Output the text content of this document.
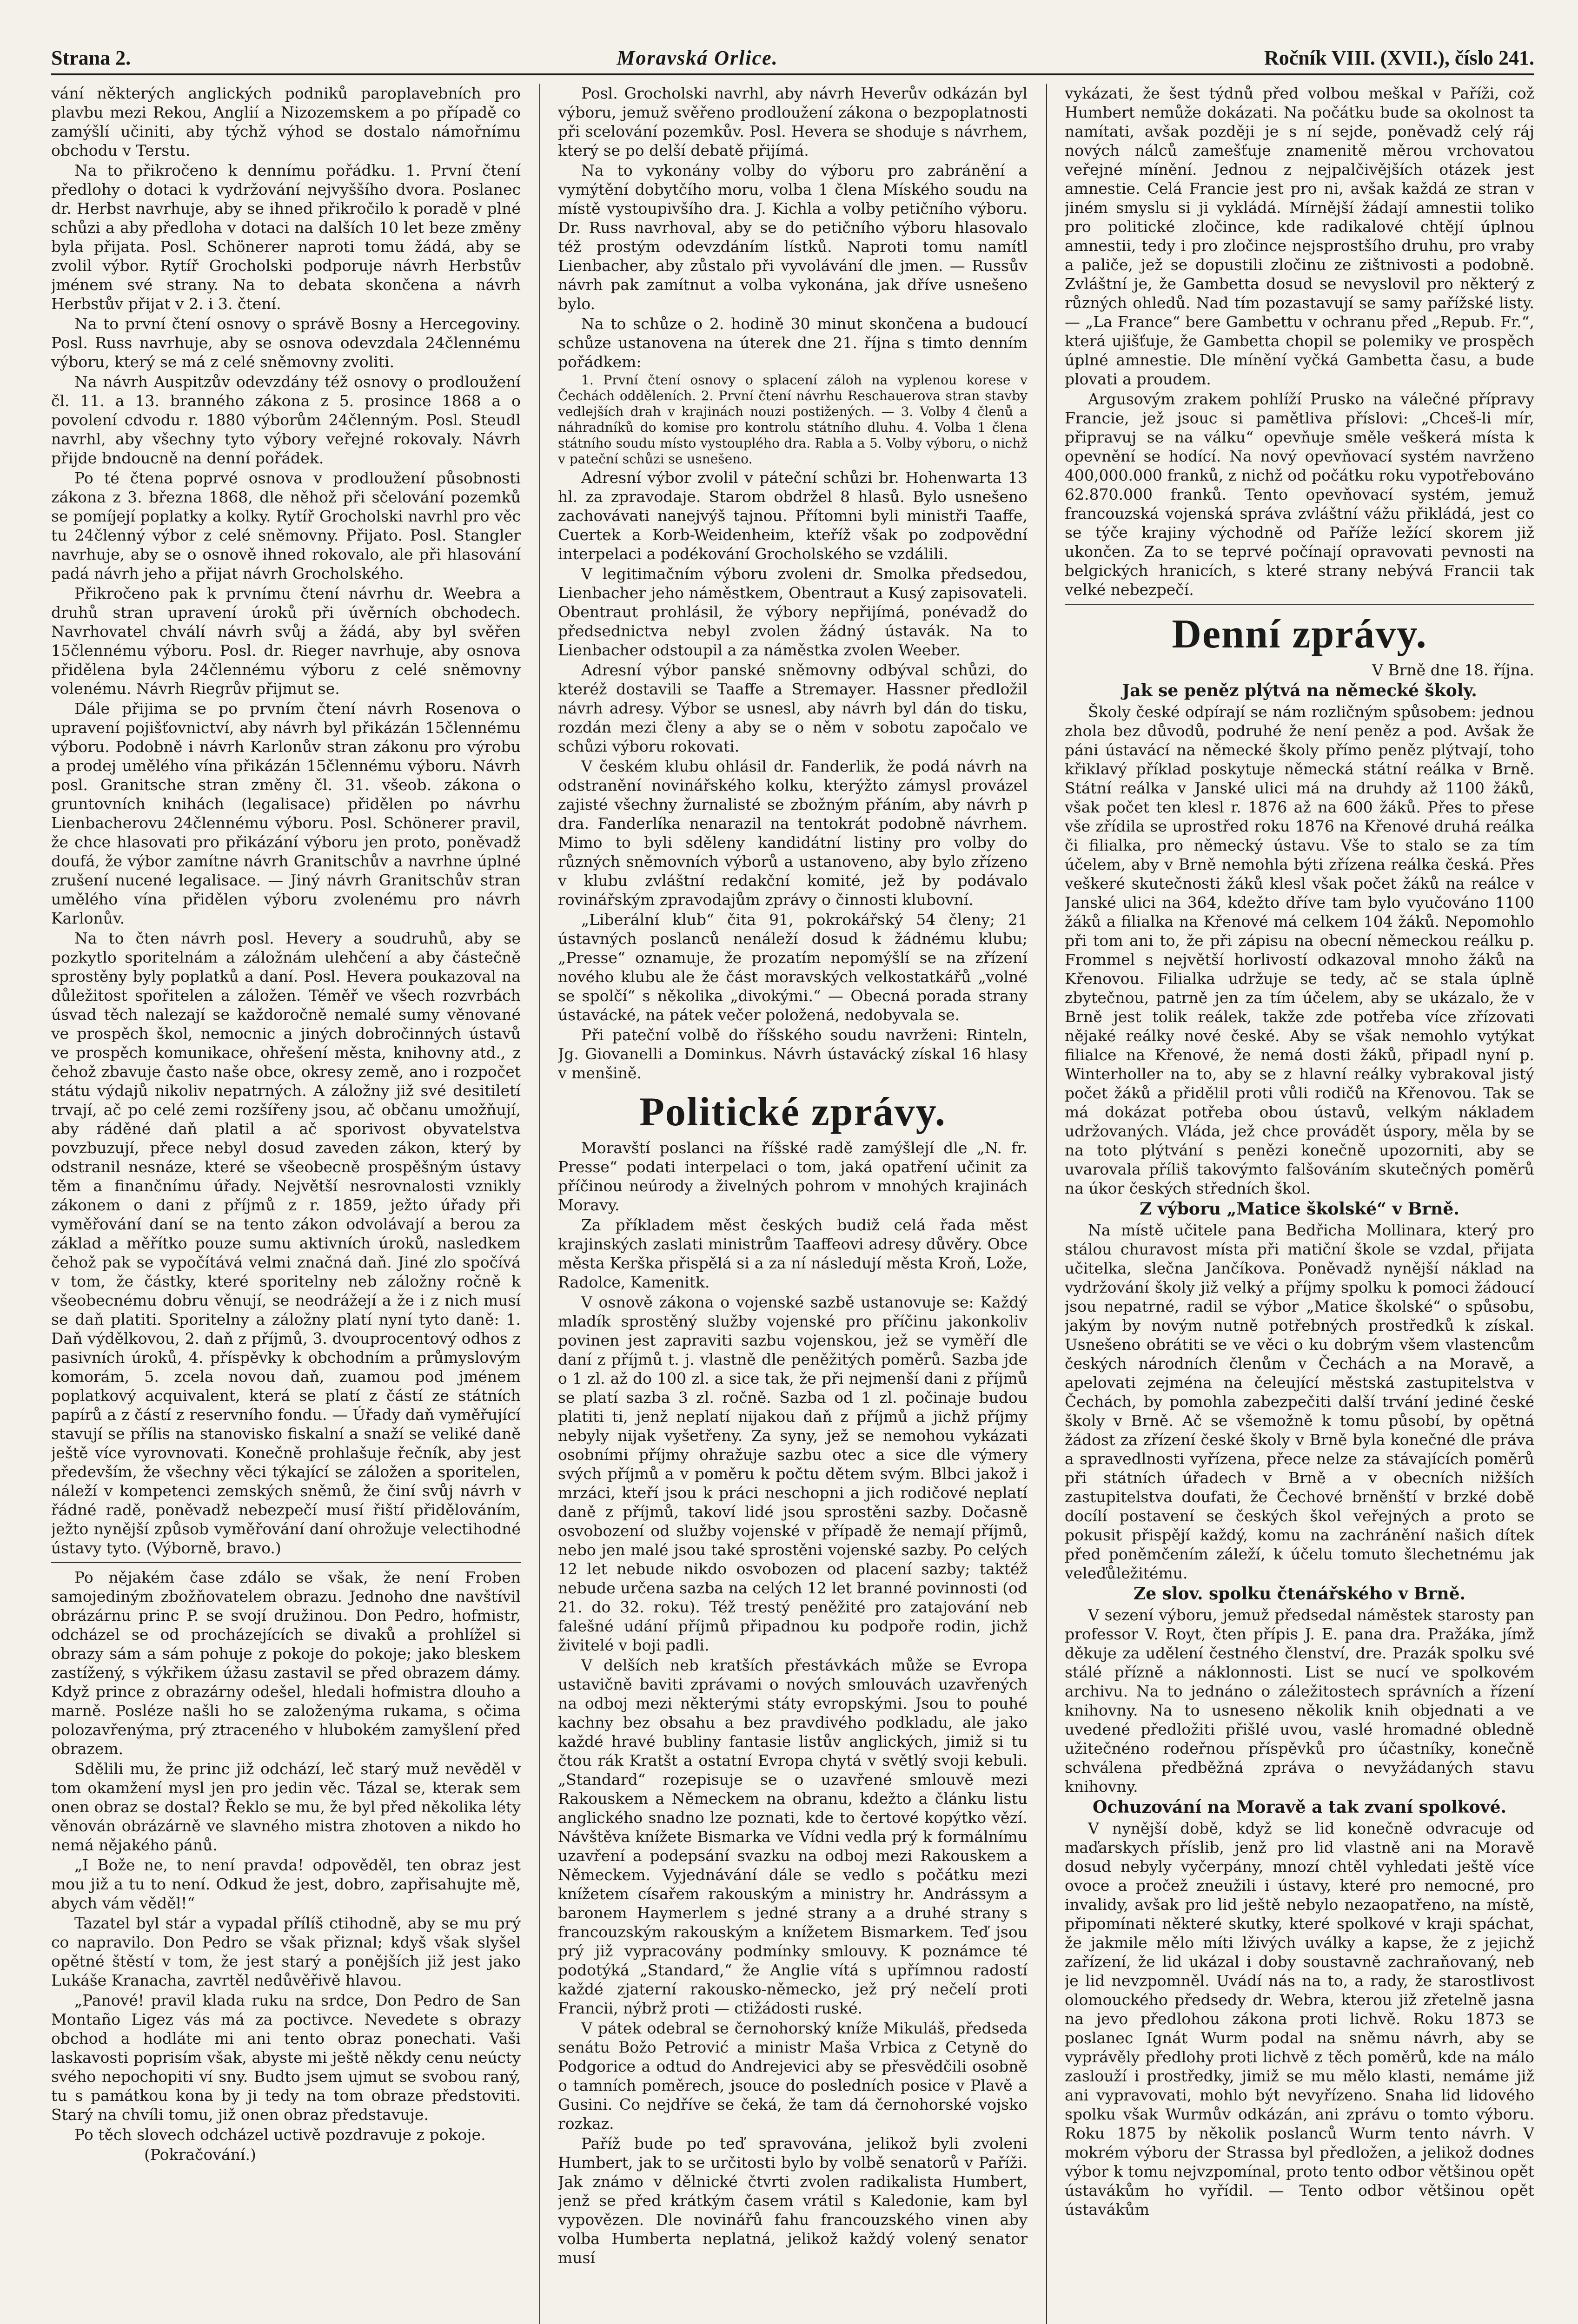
Strana 2.	Moravská Orlice.	Ročník VIII. (XVII.), číslo 241.

vání některých anglických podniků paroplavebních pro plavbu mezi Rekou, Anglií a Nizozemskem a po případě co zamýšlí učiniti, aby týchž výhod se dostalo námořnímu obchodu v Terstu.

Na to přikročeno k dennímu pořádku. 1. První čtení předlohy o dotaci k vydržování nejvyššího dvora. Poslanec dr. Herbst navrhuje, aby se ihned přikročilo k poradě v plné schůzi a aby předloha v dotaci na dalších 10 let beze změny byla přijata. Posl. Schönerer naproti tomu žádá, aby se zvolil výbor. Rytíř Grocholski podporuje návrh Herbstův jménem své strany. Na to debata skončena a návrh Herbstův přijat v 2. i 3. čtení.

Na to první čtení osnovy o správě Bosny a Hercegoviny. Posl. Russ navrhuje, aby se osnova odevzdala 24člennému výboru, který se má z celé sněmovny zvoliti.

Na návrh Auspitzův odevzdány též osnovy o prodloužení čl. 11. a 13. branného zákona z 5. prosince 1868 a o povolení cdvodu r. 1880 výborům 24členným. Posl. Steudl navrhl, aby všechny tyto výbory veřejné rokovaly. Návrh přijde bndoucně na denní pořádek.

Po té čtena poprvé osnova v prodloužení působnosti zákona z 3. března 1868, dle něhož při sčelování pozemků se pomíjejí poplatky a kolky. Rytíř Grocholski navrhl pro věc tu 24členný výbor z celé sněmovny. Přijato. Posl. Stangler navrhuje, aby se o osnově ihned rokovalo, ale při hlasování padá návrh jeho a přijat návrh Grocholského.

Přikročeno pak k prvnímu čtení návrhu dr. Weebra a druhů stran upravení úroků při úvěrních obchodech. Navrhovatel chválí návrh svůj a žádá, aby byl svěřen 15člennému výboru. Posl. dr. Rieger navrhuje, aby osnova přidělena byla 24člennému výboru z celé sněmovny volenému. Návrh Riegrův přijmut se.

Dále přijima se po prvním čtení návrh Rosenova o upravení pojišťovnictví, aby návrh byl přikázán 15člennému výboru. Podobně i návrh Karlonův stran zákonu pro výrobu a prodej umělého vína přikázán 15člennému výboru. Návrh posl. Granitsche stran změny čl. 31. všeob. zákona o gruntovních knihách (legalisace) přidělen po návrhu Lienbacherovu 24člennému výboru. Posl. Schönerer pravil, že chce hlasovati pro přikázání výboru jen proto, poněvadž doufá, že výbor zamítne návrh Granitschův a navrhne úplné zrušení nucené legalisace. — Jiný návrh Granitschův stran umělého vína přidělen výboru zvolenému pro návrh Karlonův.

Na to čten návrh posl. Hevery a soudruhů, aby se pozkytlo sporitelnám a záložnám ulehčení a aby částečně sprostěny byly poplatků a daní. Posl. Hevera poukazoval na důležitost spořitelen a záložen. Téměř ve všech rozvrbách úsvad těch nalezají se každoročně nemalé sumy věnované ve prospěch škol, nemocnic a jiných dobročinných ústavů ve prospěch komunikace, ohřešení města, knihovny atd., z čehož zbavuje často naše obce, okresy země, ano i rozpočet státu výdajů nikoliv nepatrných. A záložny již své desitiletí trvají, ač po celé zemi rozšířeny jsou, ač občanu umožňují, aby ráděné daň platil a ač sporivost obyvatelstva povzbuzují, přece nebyl dosud zaveden zákon, který by odstranil nesnáze, které se všeobecně prospěšným ústavy těm a finančnímu úřady. Největší nesrovnalosti vznikly zákonem o dani z příjmů z r. 1859, ježto úřady při vyměřování daní se na tento zákon odvolávají a berou za základ a měřítko pouze sumu aktivních úroků, nasledkem čehož pak se vypočítává velmi značná daň. Jiné zlo spočívá v tom, že částky, které sporitelny neb záložny ročně k všeobecnému dobru věnují, se neodrážejí a že i z nich musí se daň platiti. Sporitelny a záložny platí nyní tyto daně: 1. Daň výdělkovou, 2. daň z příjmů, 3. dvouprocentový odhos z pasivních úroků, 4. příspěvky k obchodním a průmyslovým komorám, 5. zcela novou daň, zuamou pod jménem poplatkový acquivalent, která se platí z částí ze státních papírů a z částí z reservního fondu. — Úřady daň vyměřující stavují se přílis na stanovisko fiskalní a snaží se veliké daně ještě více vyrovnovati. Konečně prohlašuje řečník, aby jest především, že všechny věci týkající se záložen a sporitelen, náleží v kompetenci zemských sněmů, že činí svůj návrh v řádné radě, poněvadž nebezpečí musí řiští přidělováním, ježto nynější způsob vyměřování daní ohrožuje velectihodné ústavy tyto. (Výborně, bravo.)

Po nějakém čase zdálo se však, že není Froben samojediným zbožňovatelem obrazu. Jednoho dne navštívil obrázárnu princ P. se svojí družinou. Don Pedro, hofmistr, odcházel se od procházejících se divaků a prohlížel si obrazy sám a sám pohuje z pokoje do pokoje; jako bleskem zastížený, s výkřikem úžasu zastavil se před obrazem dámy. Když prince z obrazárny odešel, hledali hofmistra dlouho a marně. Posléze našli ho se založenýma rukama, s očima polozavřenýma, prý ztraceného v hlubokém zamyšlení před obrazem.

Sdělili mu, že princ již odchází, leč starý muž nevěděl v tom okamžení mysl jen pro jedin věc. Tázal se, kterak sem onen obraz se dostal? Řeklo se mu, že byl před několika léty věnován obrázárně ve slavného mistra zhotoven a nikdo ho nemá nějakého pánů.

„I Bože ne, to není pravda! odpověděl, ten obraz jest mou již a tu to není. Odkud že jest, dobro, zapřisahujte mě, abych vám věděl!“

Tazatel byl stár a vypadal přílíš ctihodně, aby se mu prý co napravilo. Don Pedro se však přiznal; kdyš však slyšel opětné štěstí v tom, že jest starý a ponějších již jest jako Lukáše Kranacha, zavrtěl nedůvěřivě hlavou.

„Panové! pravil klada ruku na srdce, Don Pedro de San Montaño Ligez vás má za poctivce. Nevedete s obrazy obchod a hodláte mi ani tento obraz ponechati. Vaši laskavosti poprisím však, abyste mi ještě někdy cenu neúcty svého nepochopiti ví sny. Budto jsem ujmut se svobou raný, tu s památkou kona by ji tedy na tom obraze předstoviti. Starý na chvíli tomu, již onen obraz představuje.

Po těch slovech odcházel uctivě pozdravuje z pokoje.

(Pokračování.)

Posl. Grocholski navrhl, aby návrh Heverův odkázán byl výboru, jemuž svěřeno prodloužení zákona o bezpoplatnosti při scelování pozemkův. Posl. Hevera se shoduje s návrhem, který se po delší debatě přijímá.

Na to vykonány volby do výboru pro zabránění a vymýtění dobytčího moru, volba 1 člena Míského soudu na místě vystoupivšího dra. J. Kichla a volby petičního výboru. Dr. Russ navrhoval, aby se do petičního výboru hlasovalo též prostým odevzdáním lístků. Naproti tomu namítl Lienbacher, aby zůstalo při vyvolávání dle jmen. — Russův návrh pak zamítnut a volba vykonána, jak dříve usnešeno bylo.

Na to schůze o 2. hodině 30 minut skončena a budoucí schůze ustanovena na úterek dne 21. října s timto denním pořádkem:

1. První čtení osnovy o splacení záloh na vyplenou korese v Čechách odděleních. 2. První čtení návrhu Reschauerova stran stavby vedlejších drah v krajinách nouzi postižených. — 3. Volby 4 členů a náhradníků do komise pro kontrolu státního dluhu. 4. Volba 1 člena státního soudu místo vystouplého dra. Rabla a 5. Volby výboru, o nichž v pateční schůzi se usnešeno.

Adresní výbor zvolil v páteční schůzi br. Hohenwarta 13 hl. za zpravodaje. Starom obdržel 8 hlasů. Bylo usnešeno zachovávati nanejvýš tajnou. Přítomni byli ministři Taaffe, Cuertek a Korb-Weidenheim, kteříž však po zodpovědní interpelaci a podékování Grocholského se vzdálili.

V legitimačním výboru zvoleni dr. Smolka předsedou, Lienbacher jeho náměstkem, Obentraut a Kusý zapisovateli. Obentraut prohlásil, že výbory nepřijímá, ponévadž do předsednictva nebyl zvolen žádný ústavák. Na to Lienbacher odstoupil a za náměstka zvolen Weeber.

Adresní výbor panské sněmovny odbýval schůzi, do kteréž dostavili se Taaffe a Stremayer. Hassner předložil návrh adresy. Výbor se usnesl, aby návrh byl dán do tisku, rozdán mezi členy a aby se o něm v sobotu započalo ve schůzi výboru rokovati.

V českém klubu ohlásil dr. Fanderlik, že podá návrh na odstranění novinářského kolku, kterýžto zámysl provázel zajisté všechny žurnalisté se zbožným přáním, aby návrh p dra. Fanderlíka nenarazil na tentokrát podobně návrhem. Mimo to byli sděleny kandidátní listiny pro volby do různých sněmovních výborů a ustanoveno, aby bylo zřízeno v klubu zvláštní redakční komité, jež by podávalo rovinářským zpravodajům zprávy o činnosti klubovní.

„Liberální klub“ čita 91, pokrokářský 54 členy; 21 ústavných poslanců nenáleží dosud k žádnému klubu; „Presse“ oznamuje, že prozatím nepomýšlí se na zřízení nového klubu ale že část moravských velkostatkářů „volné se spolčí“ s několika „divokými.“ — Obecná porada strany ústavácké, na pátek večer položená, nedobyvala se.

Při pateční volbě do říšského soudu navrženi: Rinteln, Jg. Giovanelli a Dominkus. Návrh ústavácký získal 16 hlasy v menšině.

Politické zprávy.

Moravští poslanci na říšské radě zamýšlejí dle „N. fr. Presse“ podati interpelaci o tom, jaká opatření učinit za příčinou neúrody a živelných pohrom v mnohých krajinách Moravy.

Za příkladem měst českých budiž celá řada měst krajinských zaslati ministrům Taaffeovi adresy důvěry. Obce města Kerška přispělá si a za ní následují města Kroň, Lože, Radolce, Kamenitk.

V osnově zákona o vojenské sazbě ustanovuje se: Každý mladík sprostěný služby vojenské pro příčinu jakonkoliv povinen jest zapraviti sazbu vojenskou, jež se vyměří dle daní z příjmů t. j. vlastně dle peněžitých poměrů. Sazba jde o 1 zl. až do 100 zl. a sice tak, že při nejmenší dani z příjmů se platí sazba 3 zl. ročně. Sazba od 1 zl. počinaje budou platiti ti, jenž neplatí nijakou daň z příjmů a jichž příjmy nebyly nijak vyšetřeny. Za syny, jež se nemohou vykázati osobními příjmy ohražuje sazbu otec a sice dle výmery svých příjmů a v poměru k počtu dětem svým. Blbci jakož i mrzáci, kteří jsou k práci neschopni a jich rodičové neplatí daně z příjmů, takoví lidé jsou sprostěni sazby. Dočasně osvobození od služby vojenské v případě že nemají příjmů, nebo jen malé jsou také sprostěni vojenské sazby. Po celých 12 let nebude nikdo osvobozen od placení sazby; taktéž nebude určena sazba na celých 12 let branné povinnosti (od 21. do 32. roku). Též trestý peněžité pro zatajování neb falešné udání příjmů připadnou ku podpoře rodin, jichž živitelé v boji padli.

V delších neb kratších přestávkách může se Evropa ustavičně baviti zprávami o nových smlouvách uzavřených na odboj mezi některými státy evropskými. Jsou to pouhé kachny bez obsahu a bez pravdivého podkladu, ale jako každé hravé bubliny fantasie listův anglických, jimiž si tu čtou rák Kratšt a ostatní Evropa chytá v světlý svoji kebuli. „Standard“ rozepisuje se o uzavřené smlouvě mezi Rakouskem a Německem na obranu, kdežto a článku listu anglického snadno lze poznati, kde to čertové kopýtko vězí. Návštěva knížete Bismarka ve Vídni vedla prý k formálnímu uzavření a podepsání svazku na odboj mezi Rakouskem a Německem. Vyjednávání dále se vedlo s počátku mezi knížetem císařem rakouským a ministry hr. Andrássym a baronem Haymerlem s jedné strany a a druhé strany s francouzským rakouským a knížetem Bismarkem. Teď jsou prý již vypracovány podmínky smlouvy. K poznámce té podotýká „Standard,“ že Anglie vítá s upřímnou radostí každé zjaterní rakousko-německo, jež prý nečelí proti Francii, nýbrž proti — ctižádosti ruské.

V pátek odebral se černohorský kníže Mikuláš, předseda senátu Božo Petrović a ministr Maša Vrbica z Cetyně do Podgorice a odtud do Andrejevici aby se přesvědčili osobně o tamních poměrech, jsouce do posledních posice v Plavě a Gusini. Co nejdříve se čeká, že tam dá černohorské vojsko rozkaz.

Paříž bude po teď spravována, jelikož byli zvoleni Humbert, jak to se určitosti bylo by volbě senatorů v Paříži. Jak známo v dělnické čtvrti zvolen radikalista Humbert, jenž se před krátkým časem vrátil s Kaledonie, kam byl vypovězen. Dle novinářů fahu francouzského vinen aby volba Humberta neplatná, jelikož každý volený senator musí

vykázati, že šest týdnů před volbou meškal v Paříži, což Humbert nemůže dokázati. Na počátku bude sa okolnost ta namítati, avšak později je s ní sejde, poněvadž celý ráj nových nálců zamešťuje znamenitě měrou vrchovatou veřejné mínění. Jednou z nejpalčivějších otázek jest amnestie. Celá Francie jest pro ni, avšak každá ze stran v jiném smyslu si ji vykládá. Mírnější žádají amnestii toliko pro politické zločince, kde radikalové chtějí úplnou amnestii, tedy i pro zločince nejsprostšího druhu, pro vraby a paliče, jež se dopustili zločinu ze zištnivosti a podobně. Zvláštní je, že Gambetta dosud se nevyslovil pro některý z různých ohledů. Nad tím pozastavují se samy pařížské listy. — „La France“ bere Gambettu v ochranu před „Repub. Fr.“, která ujišťuje, že Gambetta chopil se polemiky ve prospěch úplné amnestie. Dle mínění vyčká Gambetta času, a bude plovati a proudem.

Argusovým zrakem pohlíží Prusko na válečné přípravy Francie, jež jsouc si pamětliva příslovi: „Chceš-li mír, připravuj se na válku“ opevňuje směle veškerá místa k opevnění se hodící. Na nový opevňovací systém navrženo 400,000.000 franků, z nichž od počátku roku vypotřebováno 62.870.000 franků. Tento opevňovací systém, jemuž francouzská vojenská správa zvláštní vážu přikládá, jest co se týče krajiny východně od Paříže ležící skorem již ukončen. Za to se teprvé počínají opravovati pevnosti na belgických hranicích, s které strany nebývá Francii tak velké nebezpečí.

Denní zprávy.

V Brně dne 18. října.

Jak se peněz plýtvá na německé školy.

Školy české odpírají se nám rozličným spůsobem: jednou zhola bez důvodů, podruhé že není peněz a pod. Avšak že páni ústavácí na německé školy přímo peněz plýtvají, toho křiklavý příklad poskytuje německá státní reálka v Brně. Státní reálka v Janské ulici má na druhdy až 1100 žáků, však počet ten klesl r. 1876 až na 600 žáků. Přes to přese vše zřídila se uprostřed roku 1876 na Křenové druhá reálka či filialka, pro německý ústavu. Vše to stalo se za tím účelem, aby v Brně nemohla býti zřízena reálka česká. Přes veškeré skutečnosti žáků klesl však počet žáků na reálce v Janské ulici na 364, kdežto dříve tam bylo vyučováno 1100 žáků a filialka na Křenové má celkem 104 žáků. Nepomohlo při tom ani to, že při zápisu na obecní německou reálku p. Frommel s největší horlivostí odkazoval mnoho žáků na Křenovou. Filialka udržuje se tedy, ač se stala úplně zbytečnou, patrně jen za tím účelem, aby se ukázalo, že v Brně jest tolik reálek, takže zde potřeba více zřízovati nějaké reálky nové české. Aby se však nemohlo vytýkat filialce na Křenové, že nemá dosti žáků, připadl nyní p. Winterholler na to, aby se z hlavní reálky vybrakoval jistý počet žáků a přidělil proti vůli rodičů na Křenovou. Tak se má dokázat potřeba obou ústavů, velkým nákladem udržovaných. Vláda, jež chce provádět úspory, měla by se na toto plýtvání s penězi konečně upozorniti, aby se uvarovala příliš takovýmto falšováním skutečných poměrů na úkor českých středních škol.

Z výboru „Matice školské“ v Brně.

Na místě učitele pana Bedřicha Mollinara, který pro stálou churavost místa při matiční škole se vzdal, přijata učitelka, slečna Jančíkova. Poněvadž nynější náklad na vydržování školy již velký a příjmy spolku k pomoci žádoucí jsou nepatrné, radil se výbor „Matice školské“ o spůsobu, jakým by novým nutně potřebných prostředků k získal. Usnešeno obrátiti se ve věci o ku dobrým všem vlastencům českých národních členům v Čechách a na Moravě, a apelovati zejména na čeleující městská zastupitelstva v Čechách, by pomohla zabezpečiti další trvání jediné české školy v Brně. Ač se všemožně k tomu působí, by opětná žádost za zřízení české školy v Brně byla konečné dle práva a spravedlnosti vyřízena, přece nelze za stávajících poměrů při státních úřadech v Brně a v obecních nižších zastupitelstva doufati, že Čechové brněnští v brzké době docílí postavení se českých škol veřejných a proto se pokusit přispějí každý, komu na zachránění našich dítek před poněmčením záleží, k účelu tomuto šlechetnému jak veleďůležitému.

Ze slov. spolku čtenářského v Brně.

V sezení výboru, jemuž předsedal náměstek starosty pan professor V. Royt, čten přípis J. E. pana dra. Pražáka, jímž děkuje za udělení čestného členství, dre. Prazák spolku své stálé přízně a náklonnosti. List se nucí ve spolkovém archivu. Na to jednáno o záležitostech správních a řízení knihovny. Na to usneseno několik knih objednati a ve uvedené předložiti přišlé uvou, vaslé hromadné obledně užitečnéno rodeřnou příspěvků pro účastníky, konečně schválena předběžná zpráva o nevyžádaných stavu knihovny.

Ochuzování na Moravě a tak zvaní spolkové.

V nynější době, když se lid konečně odvracuje od maďarskych příslib, jenž pro lid vlastně ani na Moravě dosud nebyly vyčerpány, mnozí chtěl vyhledati ještě více ovoce a pročež zneužili i ústavy, které pro nemocné, pro invalidy, avšak pro lid ještě nebylo nezaopatřeno, na místě, připomínati některé skutky, které spolkové v kraji spáchat, že jakmile mělo míti lživých uválky a kapse, že z jejichž zařízení, že lid ukázal i doby soustavně zachraňovaný, neb je lid nevzpomněl. Uvádí nás na to, a rady, že starostlivost olomouckého předsedy dr. Webra, kterou již zřetelně jasna na jevo předlohou zákona proti lichvě. Roku 1873 se poslanec Ignát Wurm podal na sněmu návrh, aby se vyprávěly předlohy proti lichvě z těch poměrů, kde na málo zaslouží i prostředky, jimiž se mu mělo klasti, nemáme již ani vypravovati, mohlo být nevyřízeno. Snaha lid lidového spolku však Wurmův odkázán, ani zprávu o tomto výboru. Roku 1875 by několik poslanců Wurm tento návrh. V mokrém výboru der Strassa byl předložen, a jelikož dodnes výbor k tomu nejvzpomínal, proto tento odbor většinou opět ústavákům ho vyřídil. — Tento odbor většinou opět ústavákům
